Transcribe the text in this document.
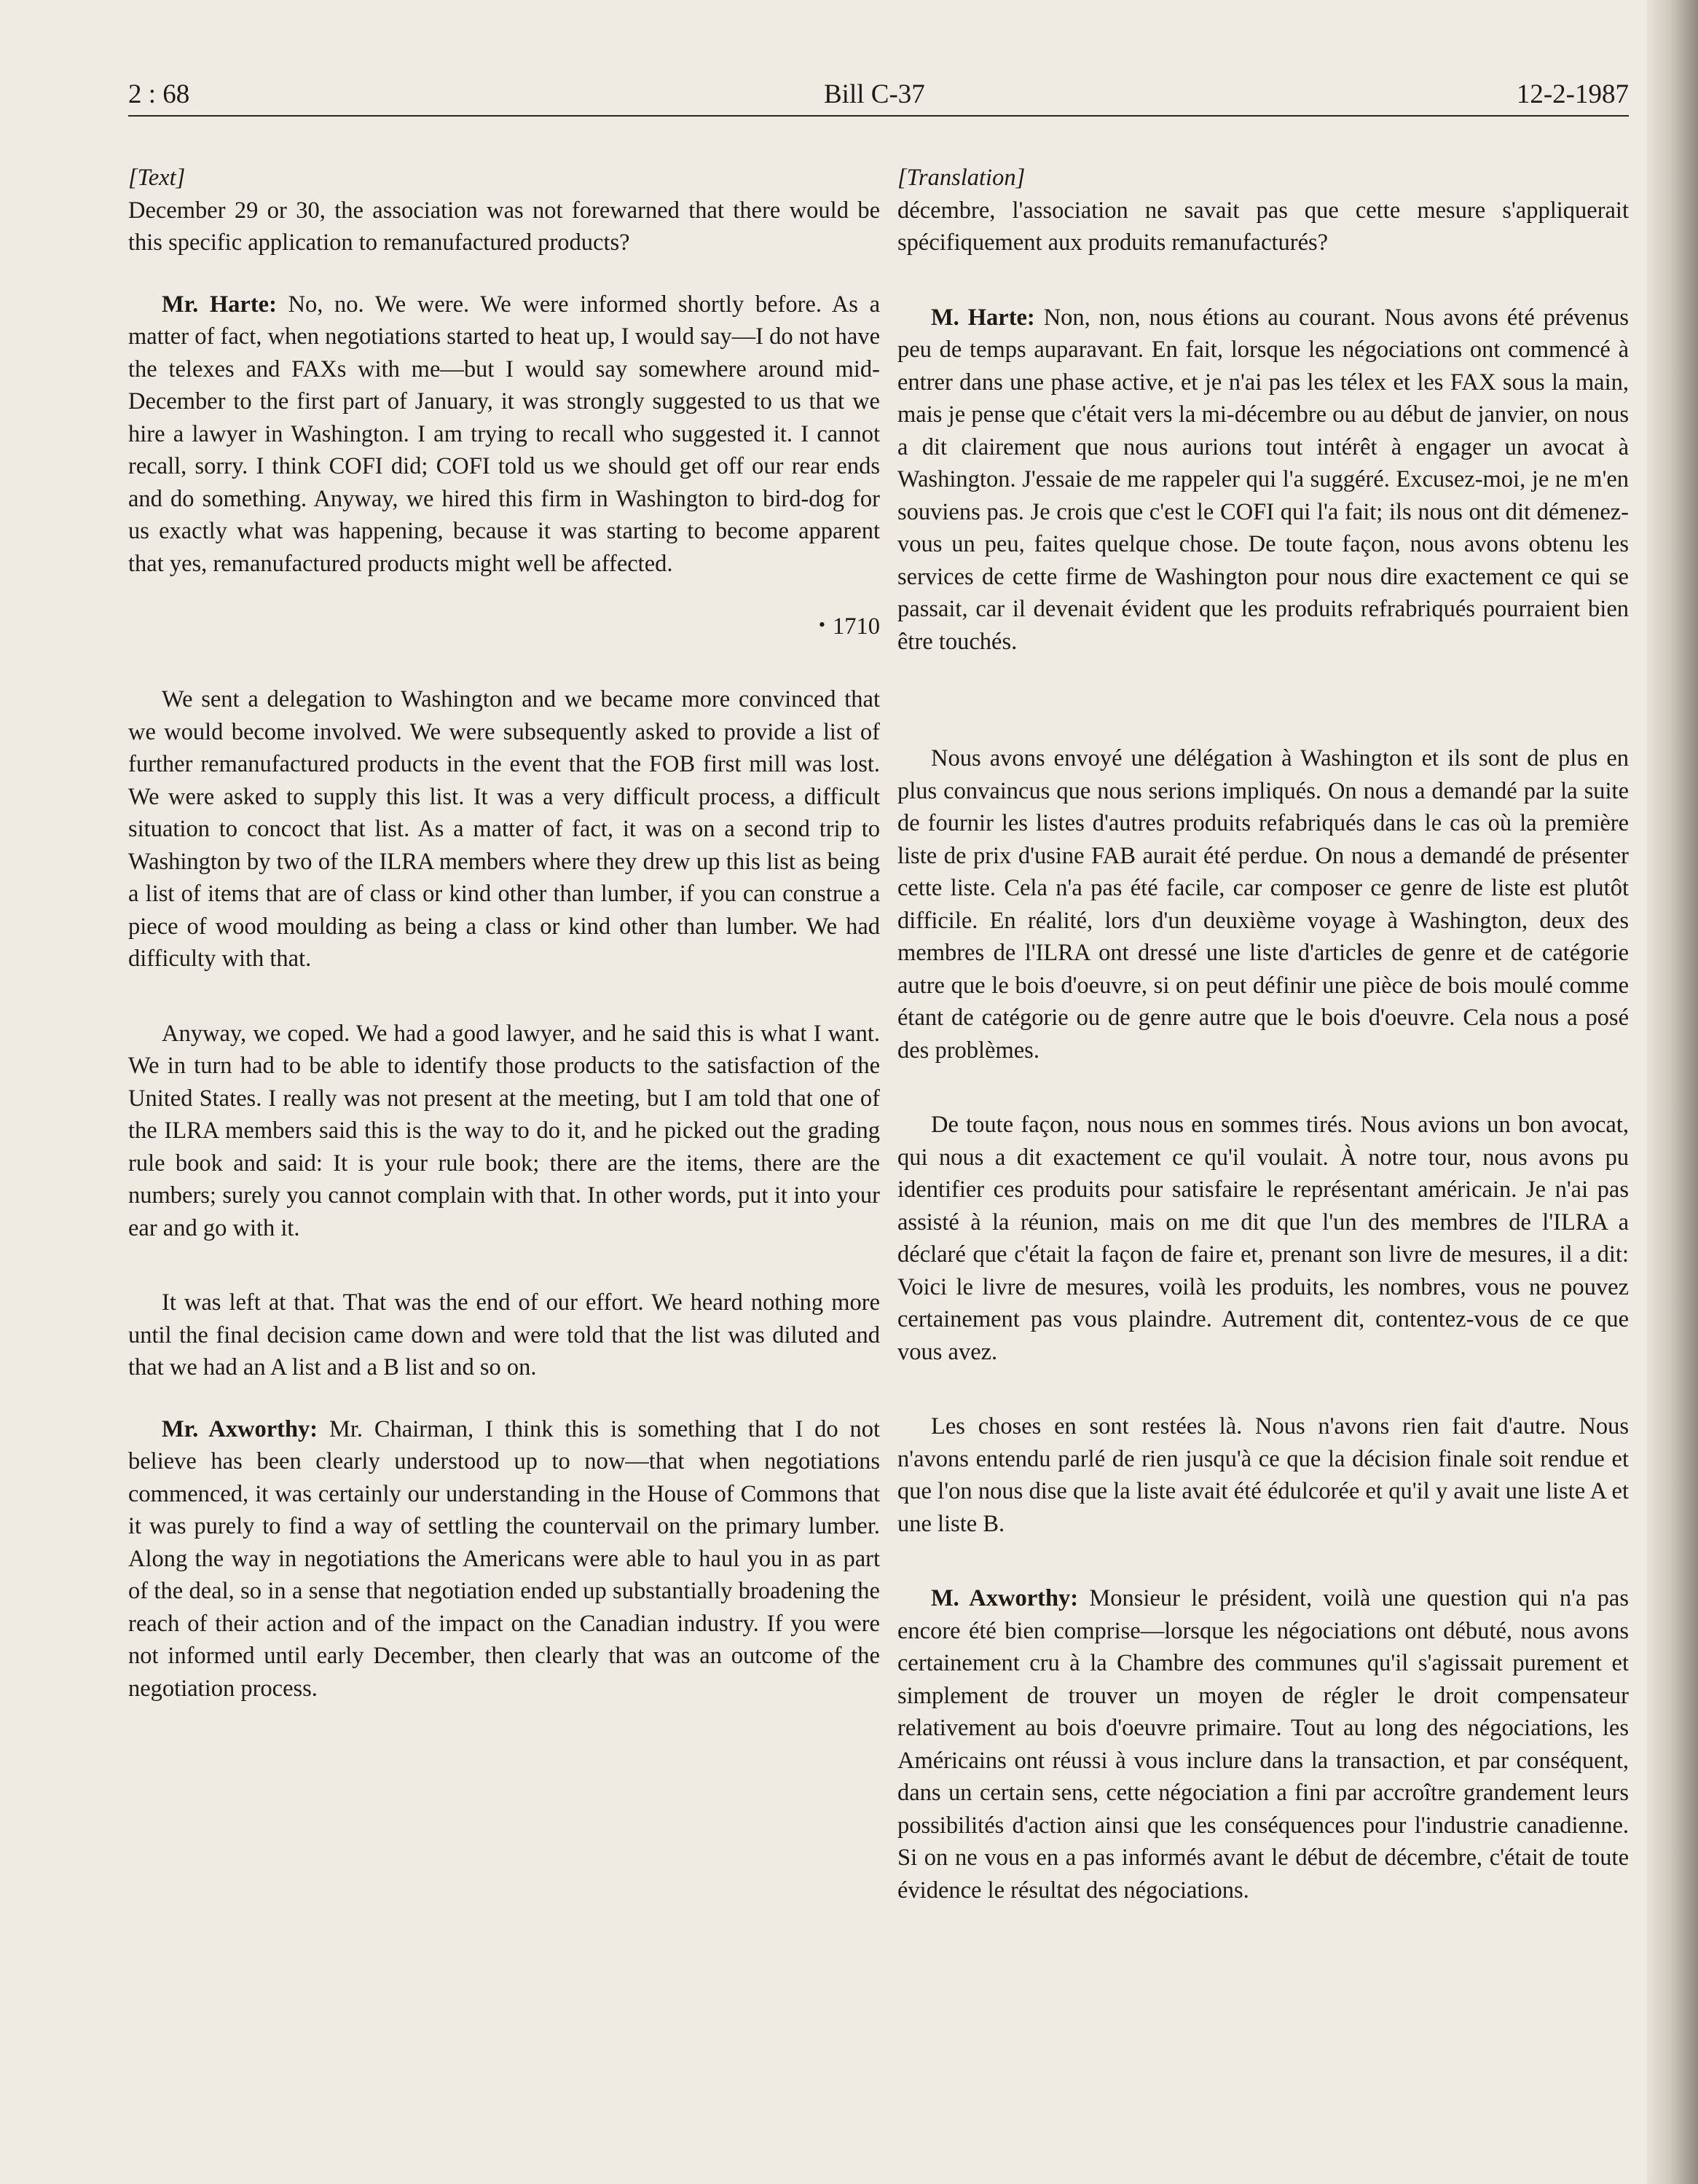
2 : 68	Bill C-37	12-2-1987

[Text]

December 29 or 30, the association was not forewarned that there would be this specific application to remanufactured products?

Mr. Harte: No, no. We were. We were informed shortly before. As a matter of fact, when negotiations started to heat up, I would say—I do not have the telexes and FAXs with me—but I would say somewhere around mid-December to the first part of January, it was strongly suggested to us that we hire a lawyer in Washington. I am trying to recall who suggested it. I cannot recall, sorry. I think COFI did; COFI told us we should get off our rear ends and do something. Anyway, we hired this firm in Washington to bird-dog for us exactly what was happening, because it was starting to become apparent that yes, remanufactured products might well be affected.

• 1710

We sent a delegation to Washington and we became more convinced that we would become involved. We were subsequently asked to provide a list of further remanufactured products in the event that the FOB first mill was lost. We were asked to supply this list. It was a very difficult process, a difficult situation to concoct that list. As a matter of fact, it was on a second trip to Washington by two of the ILRA members where they drew up this list as being a list of items that are of class or kind other than lumber, if you can construe a piece of wood moulding as being a class or kind other than lumber. We had difficulty with that.

Anyway, we coped. We had a good lawyer, and he said this is what I want. We in turn had to be able to identify those products to the satisfaction of the United States. I really was not present at the meeting, but I am told that one of the ILRA members said this is the way to do it, and he picked out the grading rule book and said: It is your rule book; there are the items, there are the numbers; surely you cannot complain with that. In other words, put it into your ear and go with it.

It was left at that. That was the end of our effort. We heard nothing more until the final decision came down and were told that the list was diluted and that we had an A list and a B list and so on.

Mr. Axworthy: Mr. Chairman, I think this is something that I do not believe has been clearly understood up to now—that when negotiations commenced, it was certainly our understanding in the House of Commons that it was purely to find a way of settling the countervail on the primary lumber. Along the way in negotiations the Americans were able to haul you in as part of the deal, so in a sense that negotiation ended up substantially broadening the reach of their action and of the impact on the Canadian industry. If you were not informed until early December, then clearly that was an outcome of the negotiation process.

[Translation]

décembre, l'association ne savait pas que cette mesure s'appliquerait spécifiquement aux produits remanufacturés?

M. Harte: Non, non, nous étions au courant. Nous avons été prévenus peu de temps auparavant. En fait, lorsque les négociations ont commencé à entrer dans une phase active, et je n'ai pas les télex et les FAX sous la main, mais je pense que c'était vers la mi-décembre ou au début de janvier, on nous a dit clairement que nous aurions tout intérêt à engager un avocat à Washington. J'essaie de me rappeler qui l'a suggéré. Excusez-moi, je ne m'en souviens pas. Je crois que c'est le COFI qui l'a fait; ils nous ont dit démenez-vous un peu, faites quelque chose. De toute façon, nous avons obtenu les services de cette firme de Washington pour nous dire exactement ce qui se passait, car il devenait évident que les produits refrabriqués pourraient bien être touchés.

Nous avons envoyé une délégation à Washington et ils sont de plus en plus convaincus que nous serions impliqués. On nous a demandé par la suite de fournir les listes d'autres produits refabriqués dans le cas où la première liste de prix d'usine FAB aurait été perdue. On nous a demandé de présenter cette liste. Cela n'a pas été facile, car composer ce genre de liste est plutôt difficile. En réalité, lors d'un deuxième voyage à Washington, deux des membres de l'ILRA ont dressé une liste d'articles de genre et de catégorie autre que le bois d'oeuvre, si on peut définir une pièce de bois moulé comme étant de catégorie ou de genre autre que le bois d'oeuvre. Cela nous a posé des problèmes.

De toute façon, nous nous en sommes tirés. Nous avions un bon avocat, qui nous a dit exactement ce qu'il voulait. À notre tour, nous avons pu identifier ces produits pour satisfaire le représentant américain. Je n'ai pas assisté à la réunion, mais on me dit que l'un des membres de l'ILRA a déclaré que c'était la façon de faire et, prenant son livre de mesures, il a dit: Voici le livre de mesures, voilà les produits, les nombres, vous ne pouvez certainement pas vous plaindre. Autrement dit, contentez-vous de ce que vous avez.

Les choses en sont restées là. Nous n'avons rien fait d'autre. Nous n'avons entendu parlé de rien jusqu'à ce que la décision finale soit rendue et que l'on nous dise que la liste avait été édulcorée et qu'il y avait une liste A et une liste B.

M. Axworthy: Monsieur le président, voilà une question qui n'a pas encore été bien comprise—lorsque les négociations ont débuté, nous avons certainement cru à la Chambre des communes qu'il s'agissait purement et simplement de trouver un moyen de régler le droit compensateur relativement au bois d'oeuvre primaire. Tout au long des négociations, les Américains ont réussi à vous inclure dans la transaction, et par conséquent, dans un certain sens, cette négociation a fini par accroître grandement leurs possibilités d'action ainsi que les conséquences pour l'industrie canadienne. Si on ne vous en a pas informés avant le début de décembre, c'était de toute évidence le résultat des négociations.
